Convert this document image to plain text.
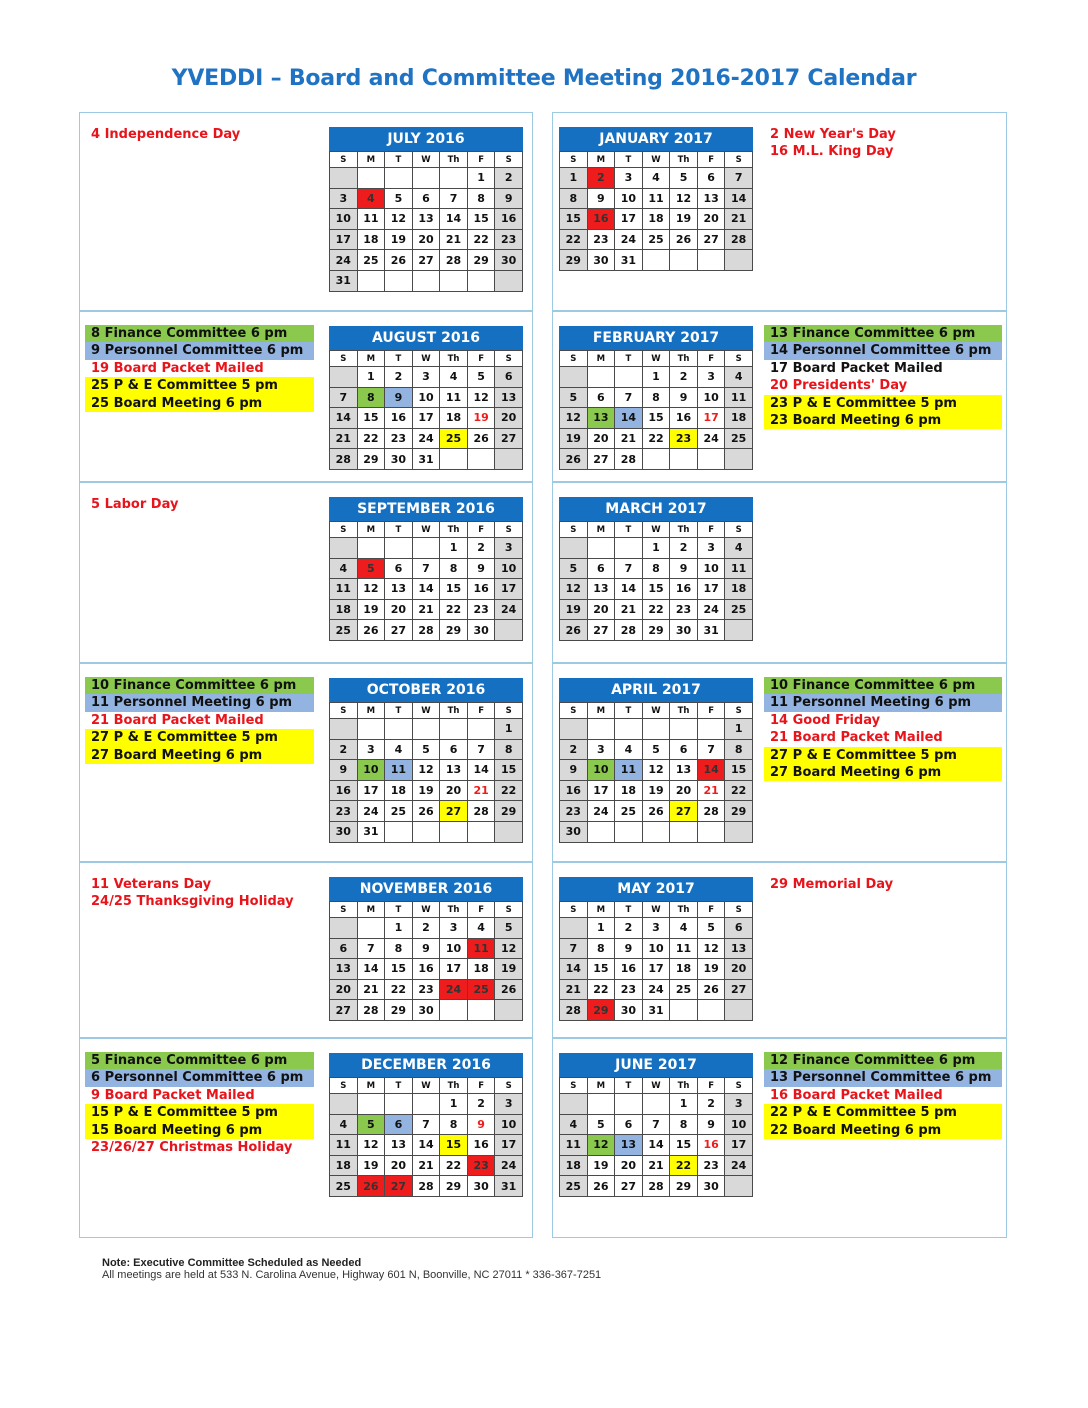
YVEDDI – Board and Committee Meeting 2016-2017 Calendar
JULY 2016
S	M	T	W	Th	F	S
					1	2
3	4	5	6	7	8	9
10	11	12	13	14	15	16
17	18	19	20	21	22	23
24	25	26	27	28	29	30
31						
4 Independence Day	JANUARY 2017
S	M	T	W	Th	F	S
1	2	3	4	5	6	7
8	9	10	11	12	13	14
15	16	17	18	19	20	21
22	23	24	25	26	27	28
29	30	31				
2 New Year's Day
16 M.L. King Day
AUGUST 2016
S	M	T	W	Th	F	S
	1	2	3	4	5	6
7	8	9	10	11	12	13
14	15	16	17	18	19	20
21	22	23	24	25	26	27
28	29	30	31			
8 Finance Committee 6 pm
9 Personnel Committee 6 pm
19 Board Packet Mailed
25 P & E Committee 5 pm
25 Board Meeting 6 pm
FEBRUARY 2017
S	M	T	W	Th	F	S
			1	2	3	4
5	6	7	8	9	10	11
12	13	14	15	16	17	18
19	20	21	22	23	24	25
26	27	28				
13 Finance Committee 6 pm
14 Personnel Committee 6 pm
17 Board Packet Mailed
20 Presidents' Day
23 P & E Committee 5 pm
23 Board Meeting 6 pm
SEPTEMBER 2016
S	M	T	W	Th	F	S
				1	2	3
4	5	6	7	8	9	10
11	12	13	14	15	16	17
18	19	20	21	22	23	24
25	26	27	28	29	30	
5 Labor Day	MARCH 2017
S	M	T	W	Th	F	S
			1	2	3	4
5	6	7	8	9	10	11
12	13	14	15	16	17	18
19	20	21	22	23	24	25
26	27	28	29	30	31	
OCTOBER 2016
S	M	T	W	Th	F	S
						1
2	3	4	5	6	7	8
9	10	11	12	13	14	15
16	17	18	19	20	21	22
23	24	25	26	27	28	29
30	31					
10 Finance Committee 6 pm
11 Personnel Meeting 6 pm
21 Board Packet Mailed
27 P & E Committee 5 pm
27 Board Meeting 6 pm
APRIL 2017
S	M	T	W	Th	F	S
						1
2	3	4	5	6	7	8
9	10	11	12	13	14	15
16	17	18	19	20	21	22
23	24	25	26	27	28	29
30						
10 Finance Committee 6 pm
11 Personnel Meeting 6 pm
14 Good Friday
21 Board Packet Mailed
27 P & E Committee 5 pm
27 Board Meeting 6 pm
NOVEMBER 2016
S	M	T	W	Th	F	S
		1	2	3	4	5
6	7	8	9	10	11	12
13	14	15	16	17	18	19
20	21	22	23	24	25	26
27	28	29	30			
11 Veterans Day
24/25 Thanksgiving Holiday
MAY 2017
S	M	T	W	Th	F	S
	1	2	3	4	5	6
7	8	9	10	11	12	13
14	15	16	17	18	19	20
21	22	23	24	25	26	27
28	29	30	31			
29 Memorial Day
DECEMBER 2016
S	M	T	W	Th	F	S
				1	2	3
4	5	6	7	8	9	10
11	12	13	14	15	16	17
18	19	20	21	22	23	24
25	26	27	28	29	30	31
5 Finance Committee 6 pm
6 Personnel Committee 6 pm
9 Board Packet Mailed
15 P & E Committee 5 pm
15 Board Meeting 6 pm
23/26/27 Christmas Holiday
JUNE 2017
S	M	T	W	Th	F	S
				1	2	3
4	5	6	7	8	9	10
11	12	13	14	15	16	17
18	19	20	21	22	23	24
25	26	27	28	29	30	
12 Finance Committee 6 pm
13 Personnel Committee 6 pm
16 Board Packet Mailed
22 P & E Committee 5 pm
22 Board Meeting 6 pm
Note: Executive Committee Scheduled as Needed
All meetings are held at 533 N. Carolina Avenue, Highway 601 N, Boonville, NC 27011 * 336-367-7251
